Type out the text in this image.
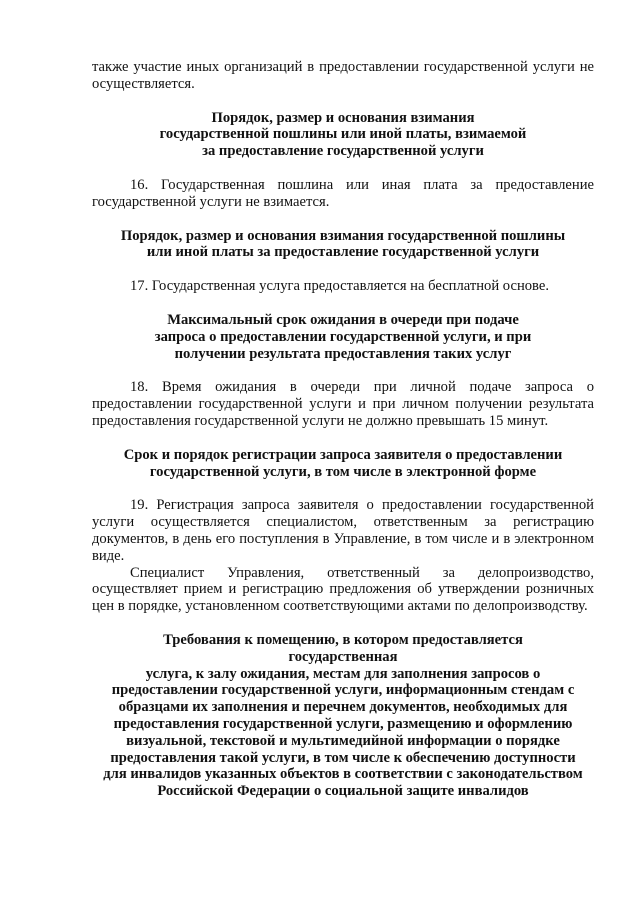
также участие иных организаций в предоставлении государственной услуги не осуществляется.

Порядок, размер и основания взимания
государственной пошлины или иной платы, взимаемой
за предоставление государственной услуги

16. Государственная пошлина или иная плата за предоставление государственной услуги не взимается.

Порядок, размер и основания взимания государственной пошлины
или иной платы за предоставление государственной услуги

17. Государственная услуга предоставляется на бесплатной основе.

Максимальный срок ожидания в очереди при подаче
запроса о предоставлении государственной услуги, и при
получении результата предоставления таких услуг

18. Время ожидания в очереди при личной подаче запроса о предоставлении государственной услуги и при личном получении результата предоставления государственной услуги не должно превышать 15 минут.

Срок и порядок регистрации запроса заявителя о предоставлении
государственной услуги, в том числе в электронной форме

19. Регистрация запроса заявителя о предоставлении государственной услуги осуществляется специалистом, ответственным за регистрацию документов, в день его поступления в Управление, в том числе и в электронном виде.

Специалист Управления, ответственный за делопроизводство, осуществляет прием и регистрацию предложения об утверждении розничных цен в порядке, установленном соответствующими актами по делопроизводству.

Требования к помещению, в котором предоставляется
государственная
услуга, к залу ожидания, местам для заполнения запросов о
предоставлении государственной услуги, информационным стендам с
образцами их заполнения и перечнем документов, необходимых для
предоставления государственной услуги, размещению и оформлению
визуальной, текстовой и мультимедийной информации о порядке
предоставления такой услуги, в том числе к обеспечению доступности
для инвалидов указанных объектов в соответствии с законодательством
Российской Федерации о социальной защите инвалидов
